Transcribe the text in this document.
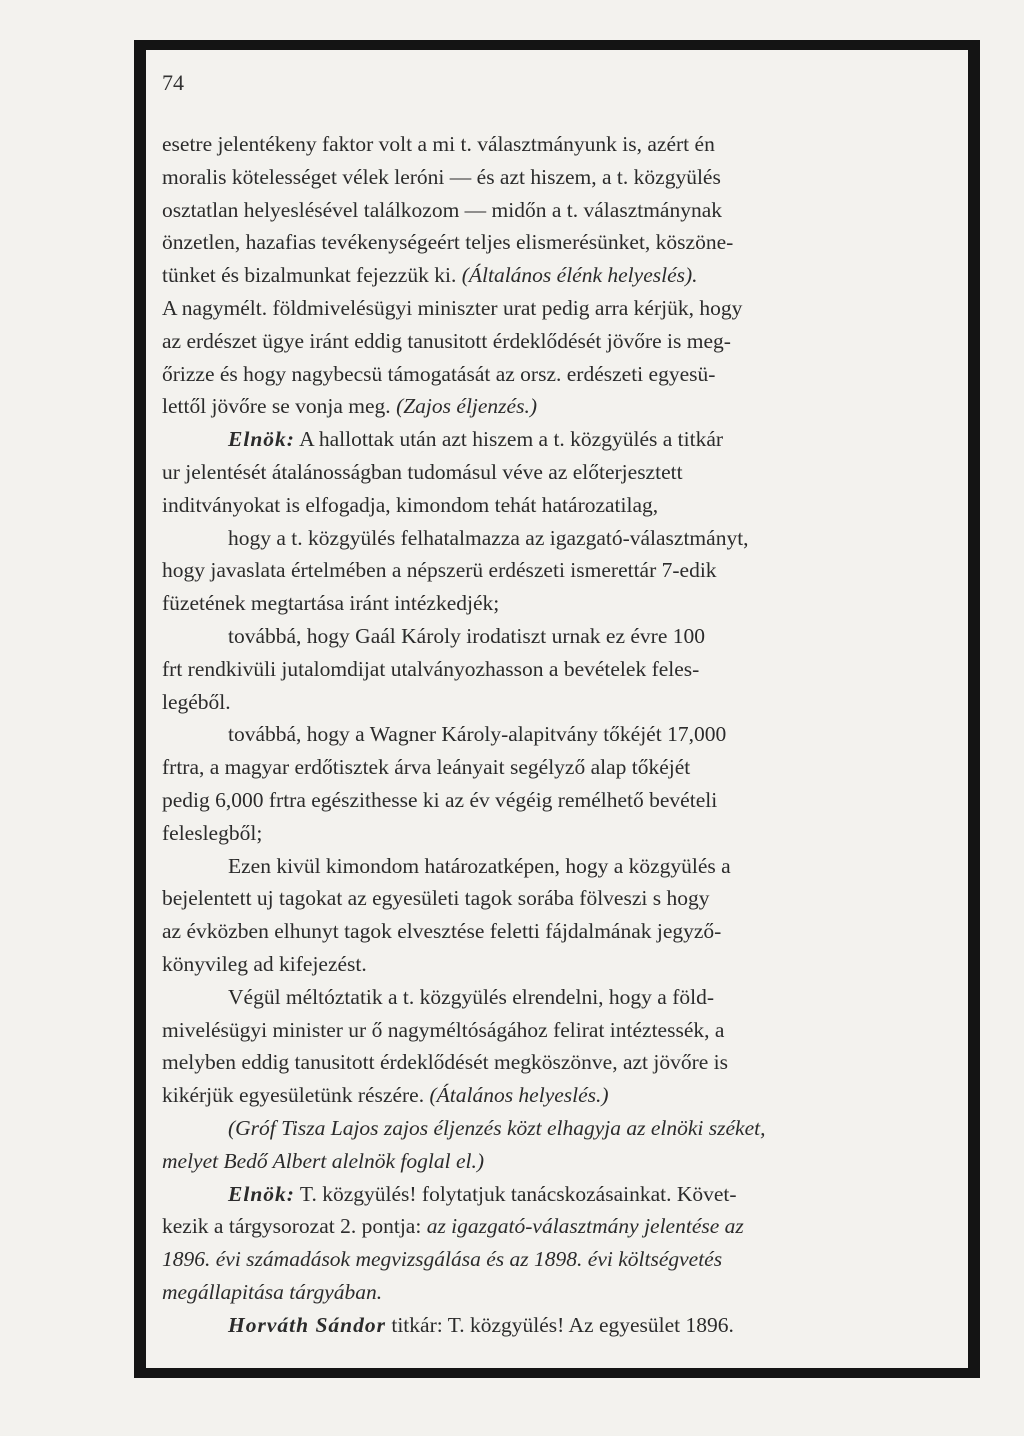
74
esetre jelentékeny faktor volt a mi t. választmányunk is, azért én
moralis kötelességet vélek leróni — és azt hiszem, a t. közgyülés
osztatlan helyeslésével találkozom — midőn a t. választmánynak
önzetlen, hazafias tevékenységeért teljes elismerésünket, köszöne-
tünket és bizalmunkat fejezzük ki. (Általános élénk helyeslés).
A nagymélt. földmivelésügyi miniszter urat pedig arra kérjük, hogy
az erdészet ügye iránt eddig tanusitott érdeklődését jövőre is meg-
őrizze és hogy nagybecsü támogatását az orsz. erdészeti egyesü-
lettől jövőre se vonja meg. (Zajos éljenzés.)
Elnök: A hallottak után azt hiszem a t. közgyülés a titkár
ur jelentését átalánosságban tudomásul véve az előterjesztett
inditványokat is elfogadja, kimondom tehát határozatilag,
hogy a t. közgyülés felhatalmazza az igazgató-választmányt,
hogy javaslata értelmében a népszerü erdészeti ismerettár 7-edik
füzetének megtartása iránt intézkedjék;
továbbá, hogy Gaál Károly irodatiszt urnak ez évre 100
frt rendkivüli jutalomdijat utalványozhasson a bevételek feles-
legéből.
továbbá, hogy a Wagner Károly-alapitvány tőkéjét 17,000
frtra, a magyar erdőtisztek árva leányait segélyző alap tőkéjét
pedig 6,000 frtra egészithesse ki az év végéig remélhető bevételi
feleslegből;
Ezen kivül kimondom határozatképen, hogy a közgyülés a
bejelentett uj tagokat az egyesületi tagok sorába fölveszi s hogy
az évközben elhunyt tagok elvesztése feletti fájdalmának jegyző-
könyvileg ad kifejezést.
Végül méltóztatik a t. közgyülés elrendelni, hogy a föld-
mivelésügyi minister ur ő nagyméltóságához felirat intéztessék, a
melyben eddig tanusitott érdeklődését megköszönve, azt jövőre is
kikérjük egyesületünk részére. (Átalános helyeslés.)
(Gróf Tisza Lajos zajos éljenzés közt elhagyja az elnöki széket,
melyet Bedő Albert alelnök foglal el.)
Elnök: T. közgyülés! folytatjuk tanácskozásainkat. Követ-
kezik a tárgysorozat 2. pontja: az igazgató-választmány jelentése az
1896. évi számadások megvizsgálása és az 1898. évi költségvetés
megállapitása tárgyában.
Horváth Sándor titkár: T. közgyülés! Az egyesület 1896.
